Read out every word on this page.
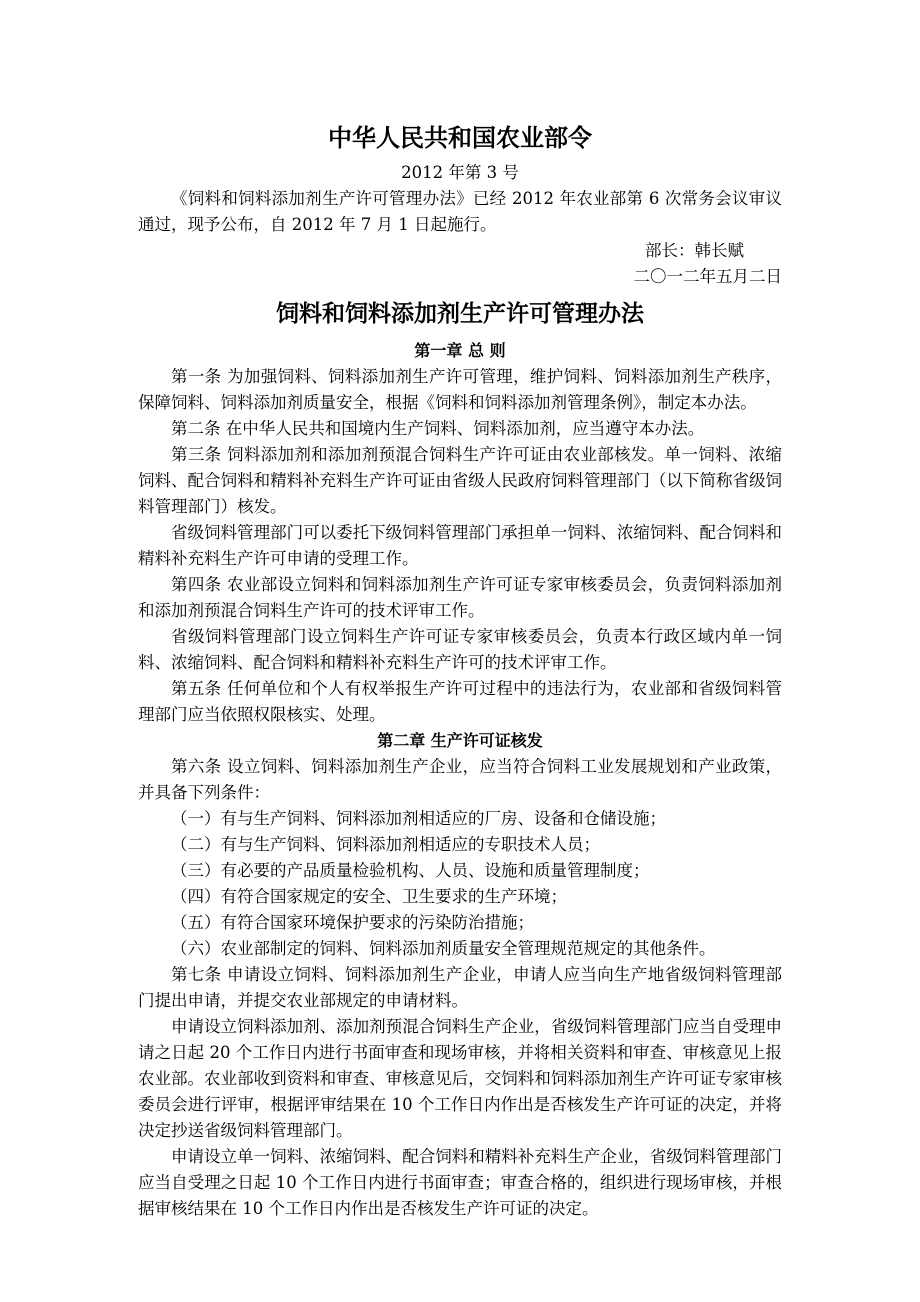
中华人民共和国农业部令

2012 年第 3 号

《饲料和饲料添加剂生产许可管理办法》已经 2012 年农业部第 6 次常务会议审议通过，现予公布，自 2012 年 7 月 1 日起施行。

部长：韩长赋

二〇一二年五月二日

饲料和饲料添加剂生产许可管理办法
第一章 总 则

第一条 为加强饲料、饲料添加剂生产许可管理，维护饲料、饲料添加剂生产秩序，保障饲料、饲料添加剂质量安全，根据《饲料和饲料添加剂管理条例》，制定本办法。

第二条 在中华人民共和国境内生产饲料、饲料添加剂，应当遵守本办法。

第三条 饲料添加剂和添加剂预混合饲料生产许可证由农业部核发。单一饲料、浓缩饲料、配合饲料和精料补充料生产许可证由省级人民政府饲料管理部门（以下简称省级饲料管理部门）核发。

省级饲料管理部门可以委托下级饲料管理部门承担单一饲料、浓缩饲料、配合饲料和精料补充料生产许可申请的受理工作。

第四条 农业部设立饲料和饲料添加剂生产许可证专家审核委员会，负责饲料添加剂和添加剂预混合饲料生产许可的技术评审工作。

省级饲料管理部门设立饲料生产许可证专家审核委员会，负责本行政区域内单一饲料、浓缩饲料、配合饲料和精料补充料生产许可的技术评审工作。

第五条 任何单位和个人有权举报生产许可过程中的违法行为，农业部和省级饲料管理部门应当依照权限核实、处理。

第二章 生产许可证核发

第六条 设立饲料、饲料添加剂生产企业，应当符合饲料工业发展规划和产业政策，并具备下列条件：

（一）有与生产饲料、饲料添加剂相适应的厂房、设备和仓储设施；

（二）有与生产饲料、饲料添加剂相适应的专职技术人员；

（三）有必要的产品质量检验机构、人员、设施和质量管理制度；

（四）有符合国家规定的安全、卫生要求的生产环境；

（五）有符合国家环境保护要求的污染防治措施；

（六）农业部制定的饲料、饲料添加剂质量安全管理规范规定的其他条件。

第七条 申请设立饲料、饲料添加剂生产企业，申请人应当向生产地省级饲料管理部门提出申请，并提交农业部规定的申请材料。

申请设立饲料添加剂、添加剂预混合饲料生产企业，省级饲料管理部门应当自受理申请之日起 20 个工作日内进行书面审查和现场审核，并将相关资料和审查、审核意见上报农业部。农业部收到资料和审查、审核意见后，交饲料和饲料添加剂生产许可证专家审核委员会进行评审，根据评审结果在 10 个工作日内作出是否核发生产许可证的决定，并将决定抄送省级饲料管理部门。

申请设立单一饲料、浓缩饲料、配合饲料和精料补充料生产企业，省级饲料管理部门应当自受理之日起 10 个工作日内进行书面审查；审查合格的，组织进行现场审核，并根据审核结果在 10 个工作日内作出是否核发生产许可证的决定。
